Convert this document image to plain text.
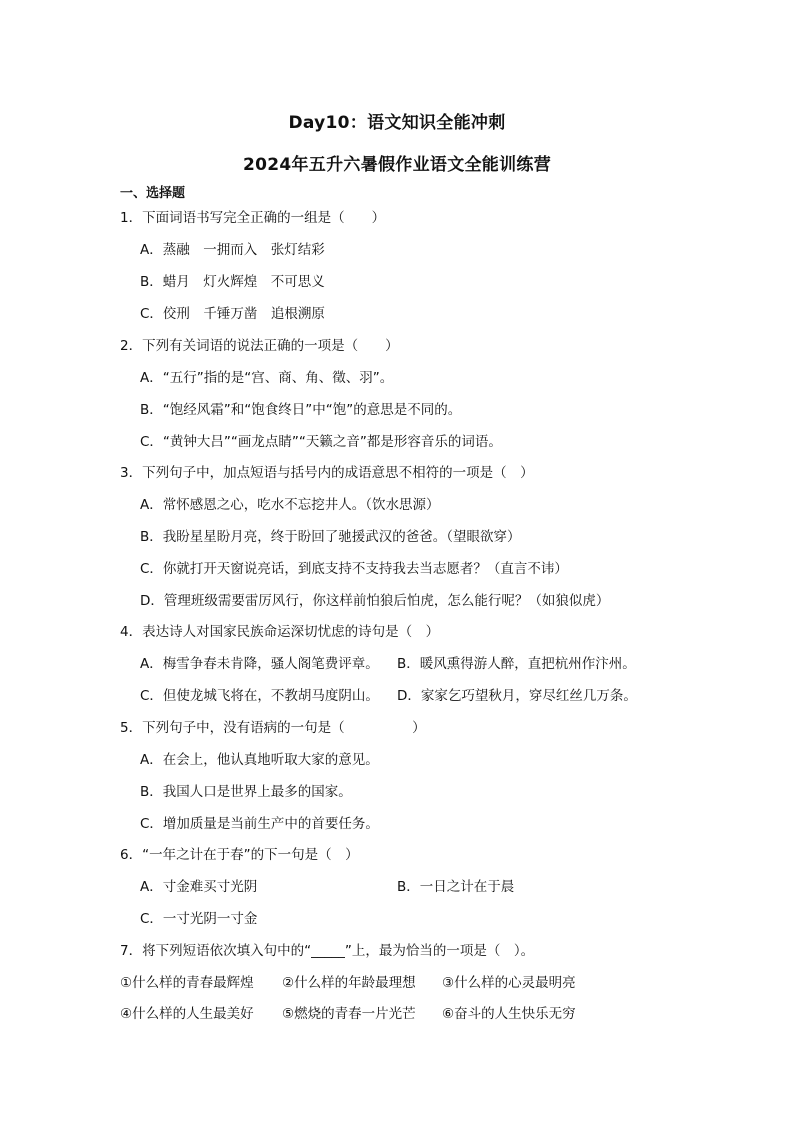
Day10：语文知识全能冲刺
2024年五升六暑假作业语文全能训练营
一、选择题
1．下面词语书写完全正确的一组是（　　）
A．蒸融　一拥而入　张灯结彩
B．蜡月　灯火辉煌　不可思义
C．佼刑　千锤万凿　追根溯原
2．下列有关词语的说法正确的一项是（　　）
A．“五行”指的是“宫、商、角、徵、羽”。
B．“饱经风霜”和“饱食终日”中“饱”的意思是不同的。
C．“黄钟大吕”“画龙点睛”“天籁之音”都是形容音乐的词语。
3．下列句子中，加点短语与括号内的成语意思不相符的一项是（　）
A．常怀感恩之心，吃水不忘挖井人。（饮水思源）
B．我盼星星盼月亮，终于盼回了驰援武汉的爸爸。（望眼欲穿）
C．你就打开天窗说亮话，到底支持不支持我去当志愿者？（直言不讳）
D．管理班级需要雷厉风行，你这样前怕狼后怕虎，怎么能行呢？（如狼似虎）
4．表达诗人对国家民族命运深切忧虑的诗句是（　）
A．梅雪争春未肯降，骚人阁笔费评章。 B．暖风熏得游人醉，直把杭州作汴州。
C．但使龙城飞将在，不教胡马度阴山。 D．家家乞巧望秋月，穿尽红丝几万条。
5．下列句子中，没有语病的一句是（　　　　　）
A．在会上，他认真地听取大家的意见。
B．我国人口是世界上最多的国家。
C．增加质量是当前生产中的首要任务。
6．“一年之计在于春”的下一句是（　）
A．寸金难买寸光阴	B．一日之计在于晨
C．一寸光阴一寸金
7．将下列短语依次填入句中的“_____”上，最为恰当的一项是（　）。
①什么样的青春最辉煌 ②什么样的年龄最理想 ③什么样的心灵最明亮
④什么样的人生最美好 ⑤燃烧的青春一片光芒 ⑥奋斗的人生快乐无穷
